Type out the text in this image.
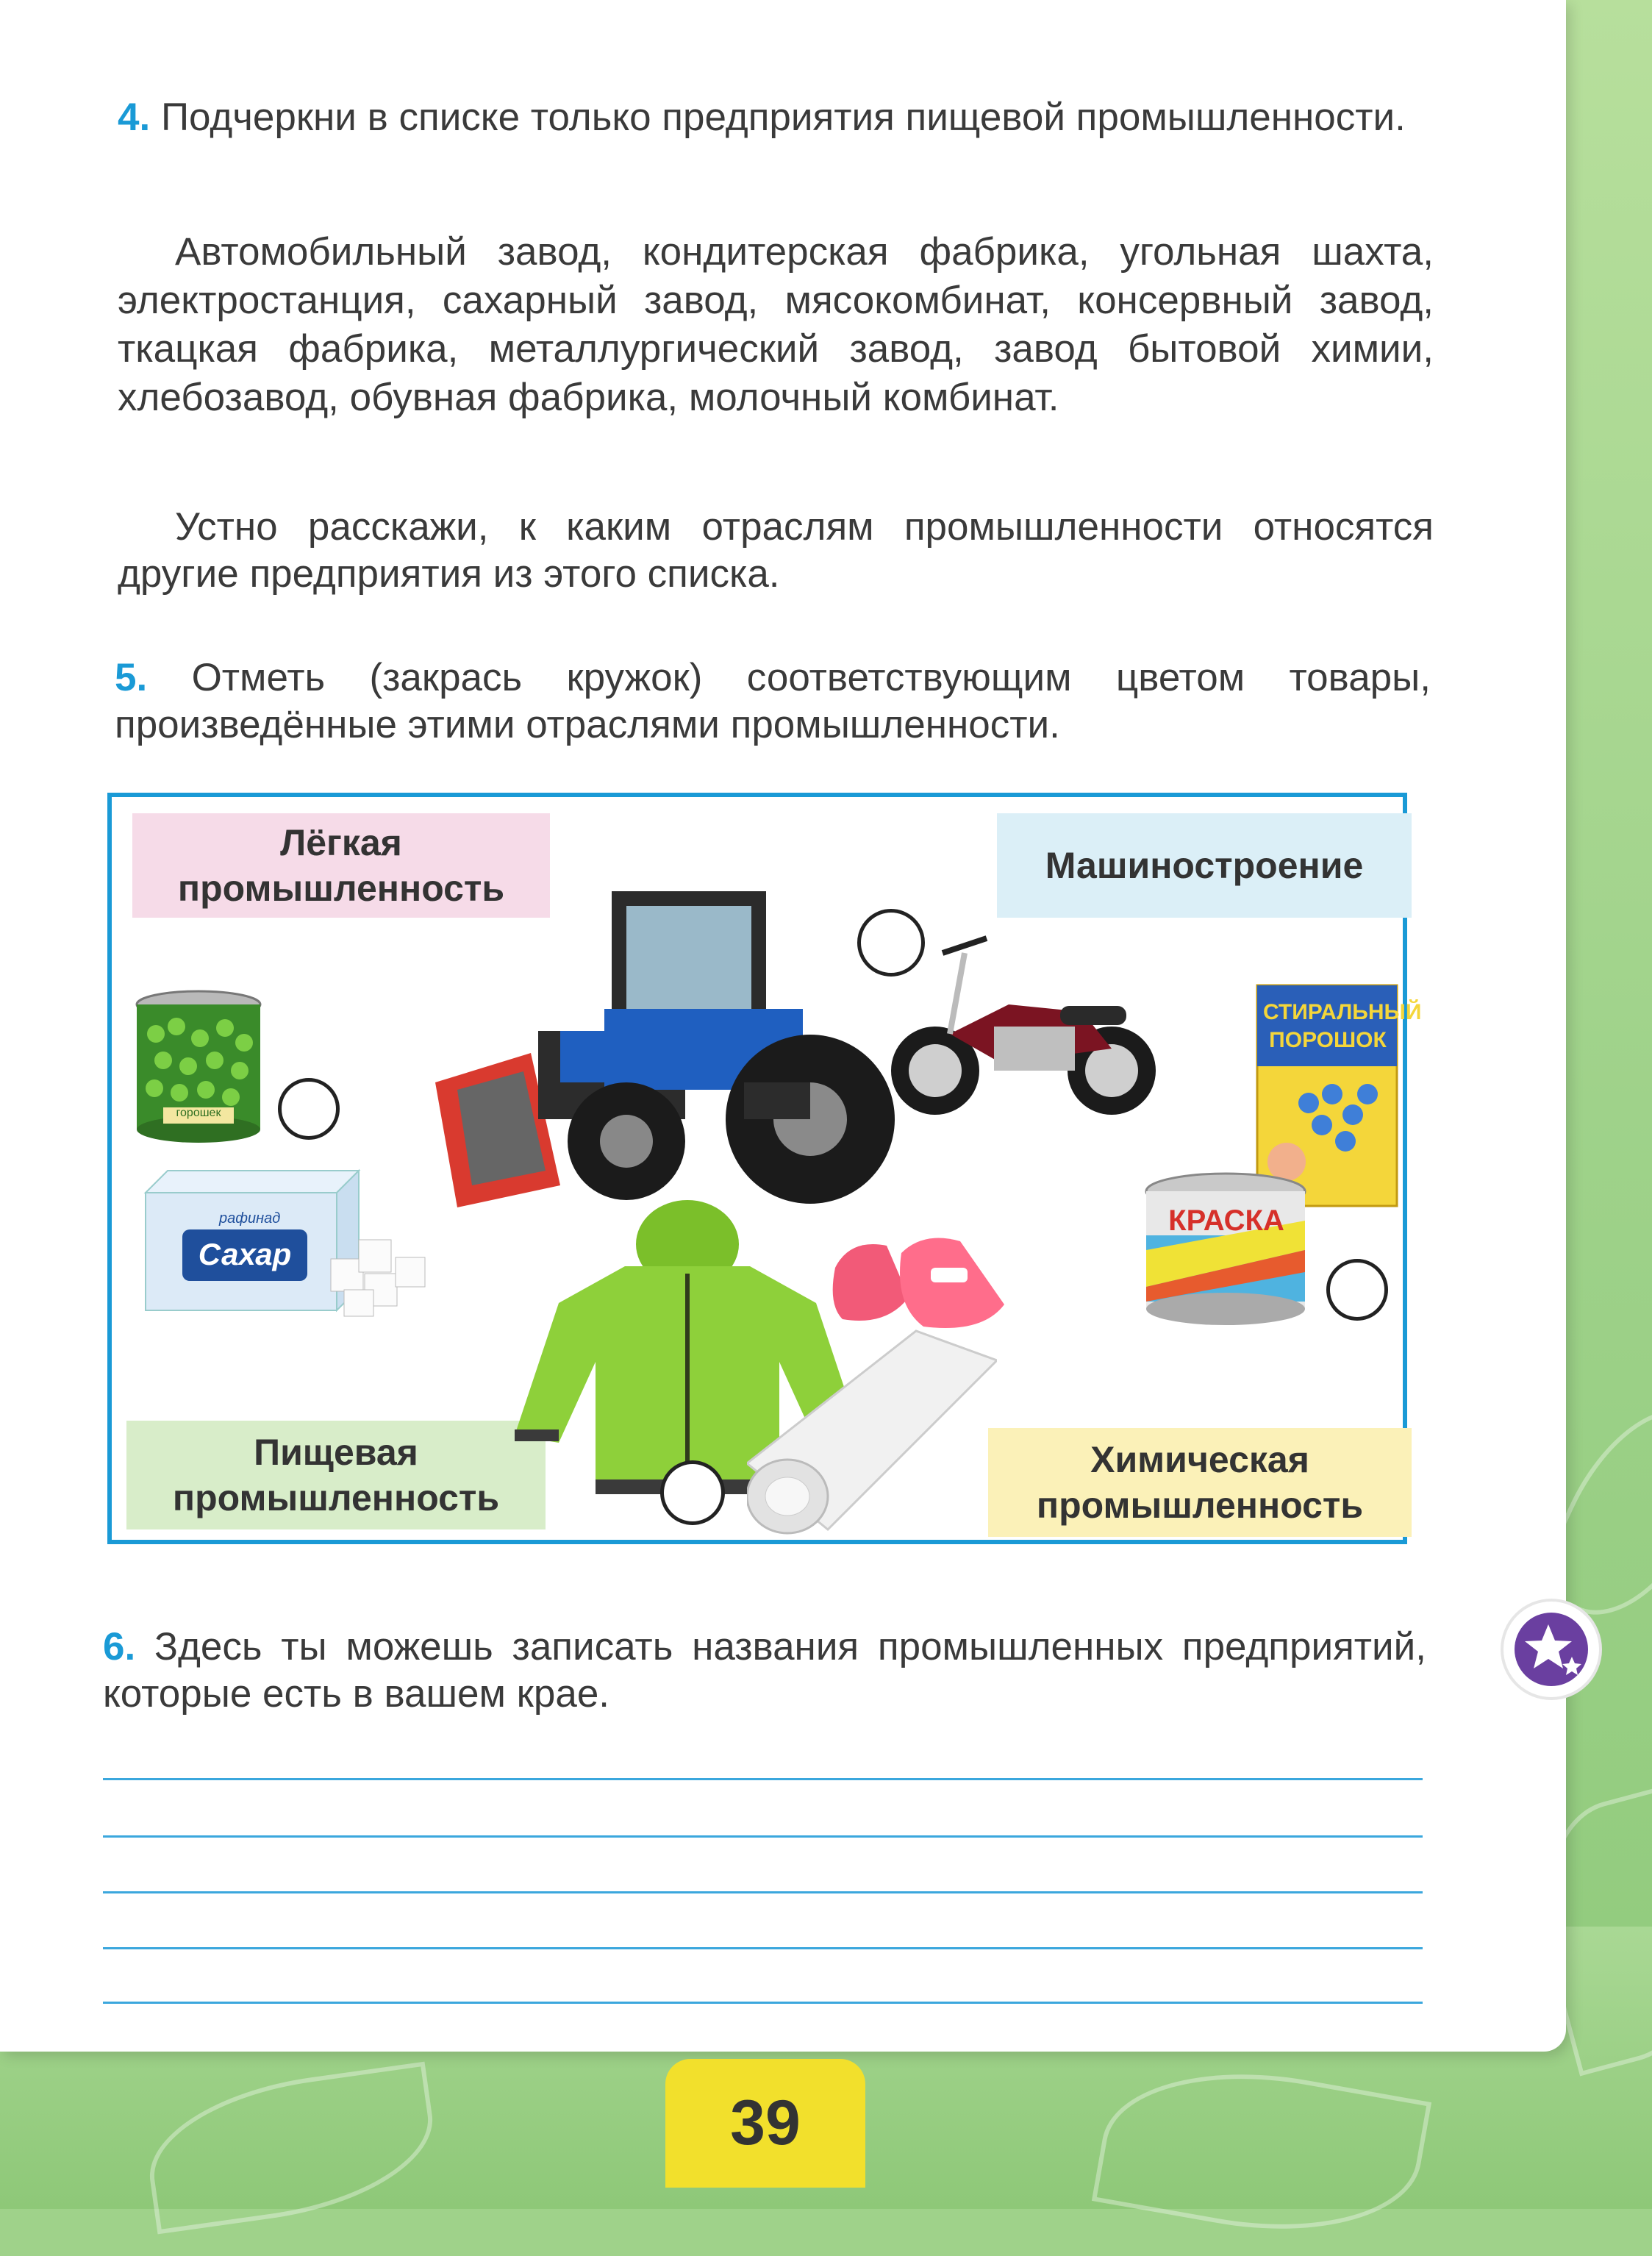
4. Подчеркни в списке только предприятия пищевой промышленности.

Автомобильный завод, кондитерская фабрика, угольная шахта, электростанция, сахарный завод, мясокомбинат, консервный завод, ткацкая фабрика, металлургический завод, завод бытовой химии, хлебозавод, обувная фабрика, молочный комбинат.

Устно расскажи, к каким отраслям промышленности относятся другие предприятия из этого списка.

5. Отметь (закрась кружок) соответствующим цветом товары, произведённые этими отраслями промышленности.

Лёгкая промышленность
Машиностроение
Пищевая промышленность
Химическая промышленность
горошек
рафинад
Сахар
СТИРАЛЬНЫЙ
ПОРОШОК
КРАСКА

6. Здесь ты можешь записать названия промышленных предприятий, которые есть в вашем крае.

39
